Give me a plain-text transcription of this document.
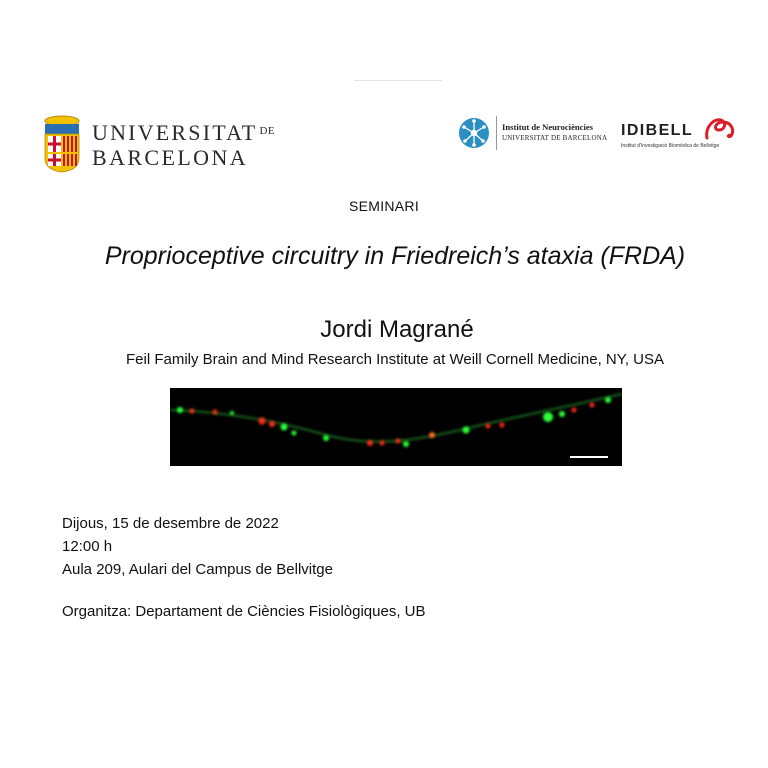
UNIVERSITAT $^{DE}$
BARCELONA
Institut de Neurociències
UNIVERSITAT DE BARCELONA IDIBELL
Institut d'Investigació Biomèdica de Bellvitge
SEMINARI
Proprioceptive circuitry in Friedreich’s ataxia (FRDA)
Jordi Magrané
Feil Family Brain and Mind Research Institute at Weill Cornell Medicine, NY, USA
Dijous, 15 de desembre de 2022
12:00 h
Aula 209, Aulari del Campus de Bellvitge
Organitza: Departament de Ciències Fisiològiques, UB
